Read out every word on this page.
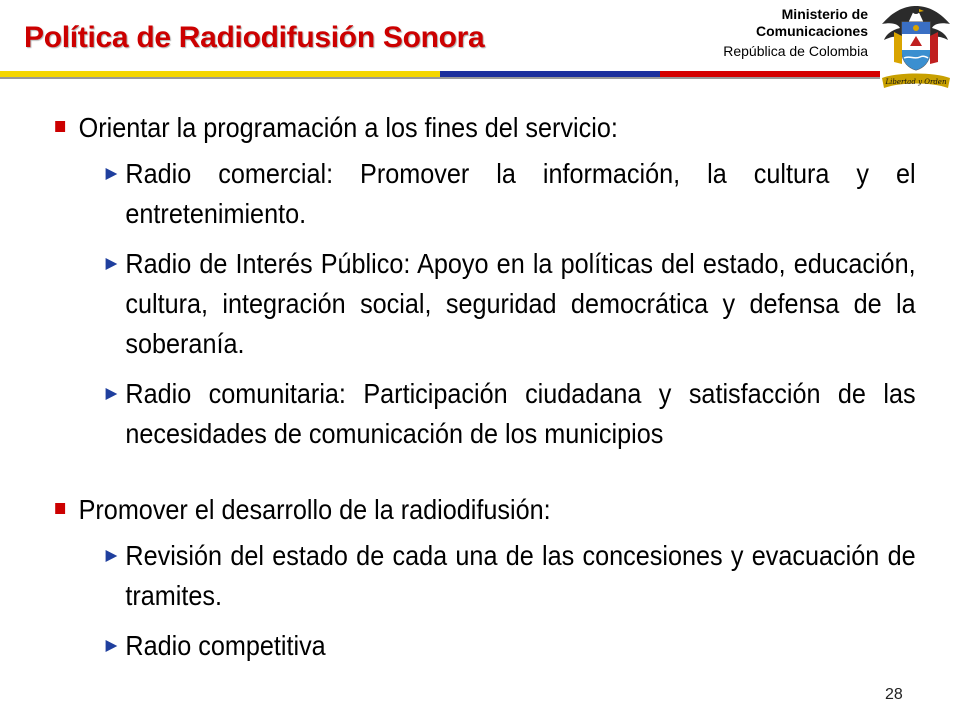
Política de Radiodifusión Sonora
Ministerio de
Comunicaciones
República de Colombia
Libertad y Orden
Orientar la programación a los fines del servicio:
Radio comercial: Promover la información, la cultura y el entretenimiento.
Radio de Interés Público: Apoyo en la políticas del estado, educación, cultura, integración social, seguridad democrática y defensa de la soberanía.
Radio comunitaria: Participación ciudadana y satisfacción de las necesidades de comunicación de los municipios
Promover el desarrollo de la radiodifusión:
Revisión del estado de cada una de las concesiones y evacuación de tramites.
Radio competitiva
28
